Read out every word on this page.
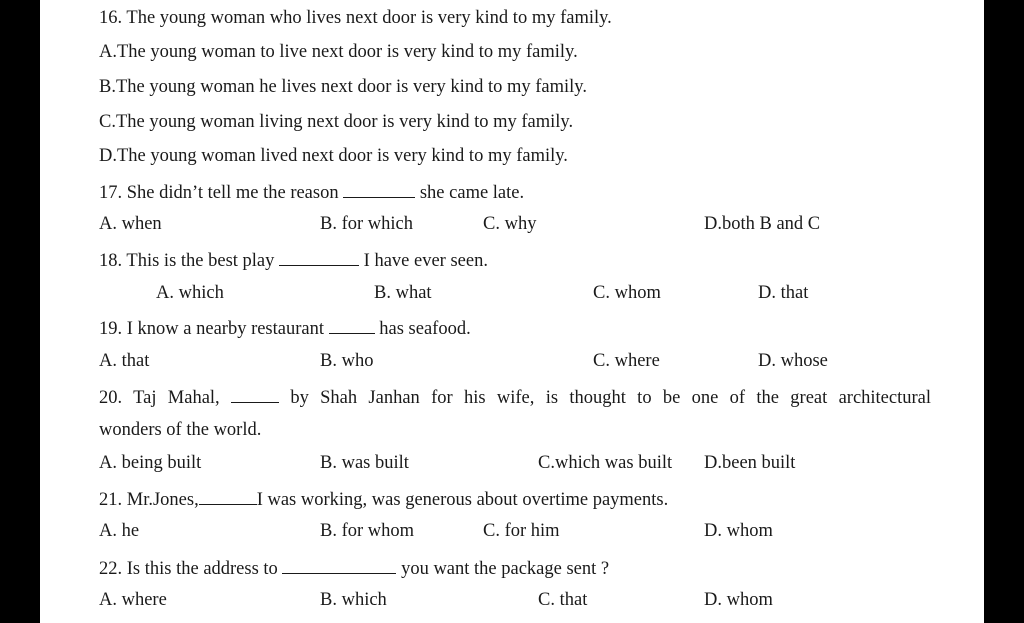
16. The young woman who lives next door is very kind to my family.
A.The young woman to live next door is very kind to my family.
B.The young woman he lives next door is very kind to my family.
C.The young woman living next door is very kind to my family.
D.The young woman lived next door is very kind to my family.
17. She didn’t tell me the reason	she came late.
A. when	B. for which	C. why	D.both B and C
18. This is the best play	I have ever seen.
A. which	B. what	C. whom	D. that
19. I know a nearby restaurant	has seafood.
A. that	B. who	C. where	D. whose
20. Taj Mahal,	by Shah Janhan for his wife, is thought to be one of the great architectural
wonders of the world.
A. being built	B. was built	C.which was built D.been built
21. Mr.Jones,	I was working, was generous about overtime payments.
A. he	B. for whom	C. for him	D. whom
22. Is this the address to	you want the package sent ?
A. where	B. which	C. that	D. whom
